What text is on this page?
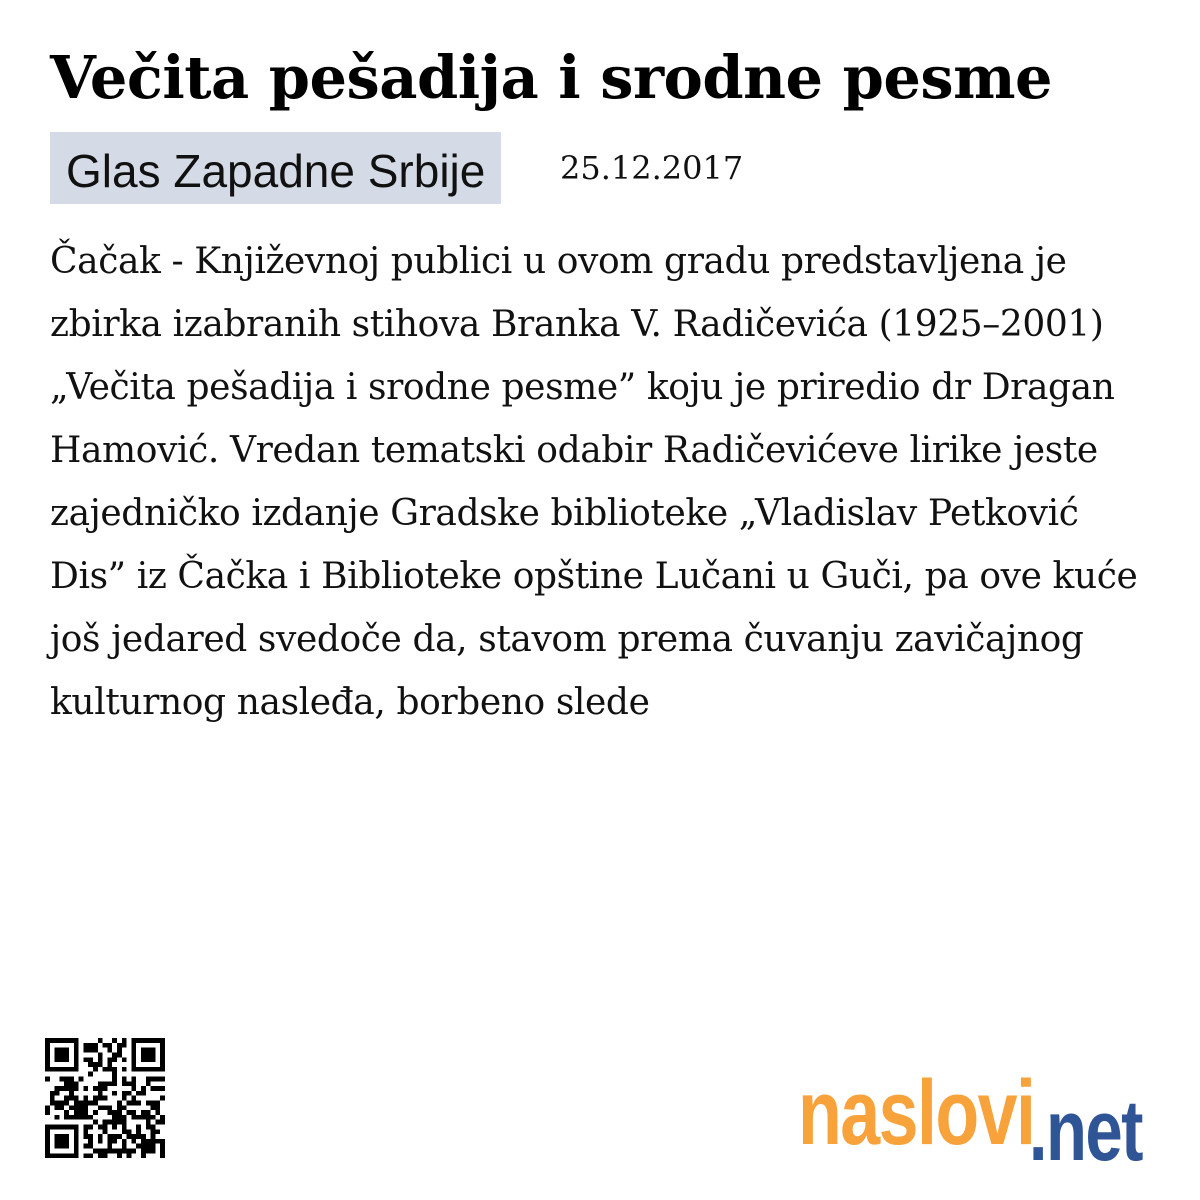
Večita pešadija i srodne pesme
Glas Zapadne Srbije	25.12.2017

Čačak - Književnoj publici u ovom gradu predstavljena je zbirka izabranih stihova Branka V. Radičevića (1925–2001) „Večita pešadija i srodne pesme” koju je priredio dr Dragan Hamović. Vredan tematski odabir Radičevićeve lirike jeste zajedničko izdanje Gradske biblioteke „Vladislav Petković Dis” iz Čačka i Biblioteke opštine Lučani u Guči, pa ove kuće još jedared svedoče da, stavom prema čuvanju zavičajnog kulturnog nasleđa, borbeno slede

naslovi
.net
